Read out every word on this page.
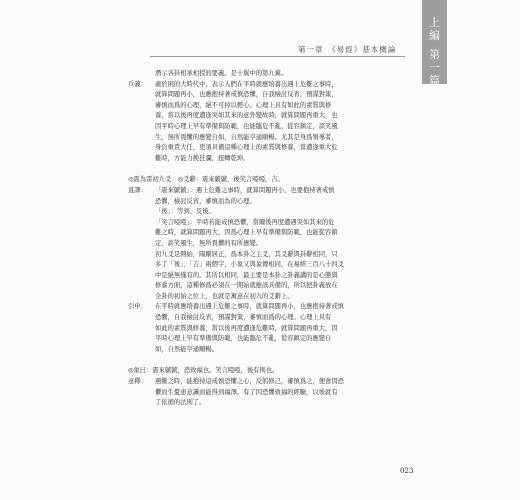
上
編
第
一
篇
第一章　《易經》基本概論
潛示各卦相承相授的要義。是十翼中的第九翼。
兵義：	處於困的大時代中，表示人們在平時就應培養出遇上危難之事時，
就算問題再小，也應抱持著戒慎恐懼，自我檢討反省，預謀對策，
審慎而爲的心理，絕不可掉以輕心。心理上具有如此的素質與修
養，當以後再度遭逢突如其來的意外變故時，就算問題再重大，也
因平時心理上早有準備與防範，也能臨危不亂，從容鎮定，談笑風
生，無所畏懼的應變自如，自然能亨通順暢。尤其是身爲領導者，
身負重責大任，更須具備這種心理上的素質與修養，當遭逢重大危
難時，方能力挽狂瀾，扭轉乾坤。
◎震為雷初九爻　◎爻辭：震來虩虩，後笑言啞啞，吉。
直譯：	「震來虩虩」：遇上危難之事時，就算問題再小，也要抱持著戒慎
恐懼，檢討反省，審慎而為的心理。
「後」：等到、及後。
「笑言啞啞」：平時若能戒慎恐懼，當爾後再度遭遇突如其來的危
難之時，就算問題再大，因爲心理上早有準備與防範，也能從容鎮
定，談笑風生，無所畏懼的有所應變。
初九爻是開始，陽剛居正，爲本卦之主爻，其爻辭與卦辭相同，只
多了「後」、「吉」兩個字，小象又與彖傳相同，在易經三百八十四爻
中是絕無僅有的。其所以相同，最主要是本卦之卦義講的是心態與
修養方面，這種修爲必須在一開始就應該具備的，所以把卦義放在
全卦的初始之位上，也就是寓意在初九的爻辭上。
引申：	在平時就應培養出遇上危難之事時，就算問題再小，也應抱持著戒慎
恐懼，自我檢討反省，預謀對策，審慎而爲的心理。心理上具有
如此的素質與修養，當以後再度遭逢危難時，就算問題再重大，因
平時心理上早有準備與防範，也能臨危不亂，從容鎮定的應變自
如，自然能亨通順暢。
◎象曰：震來虩虩，恐致福也。笑言啞啞，後有則也。
意釋：	遇難之時，能抱持這戒慎恐懼之心，反躬修己，審慎爲之，便會因恐
懼而生憂患意識而能得到福澤。有了因恐懼致福的經驗，以後就有
了依循的法則了。
023
